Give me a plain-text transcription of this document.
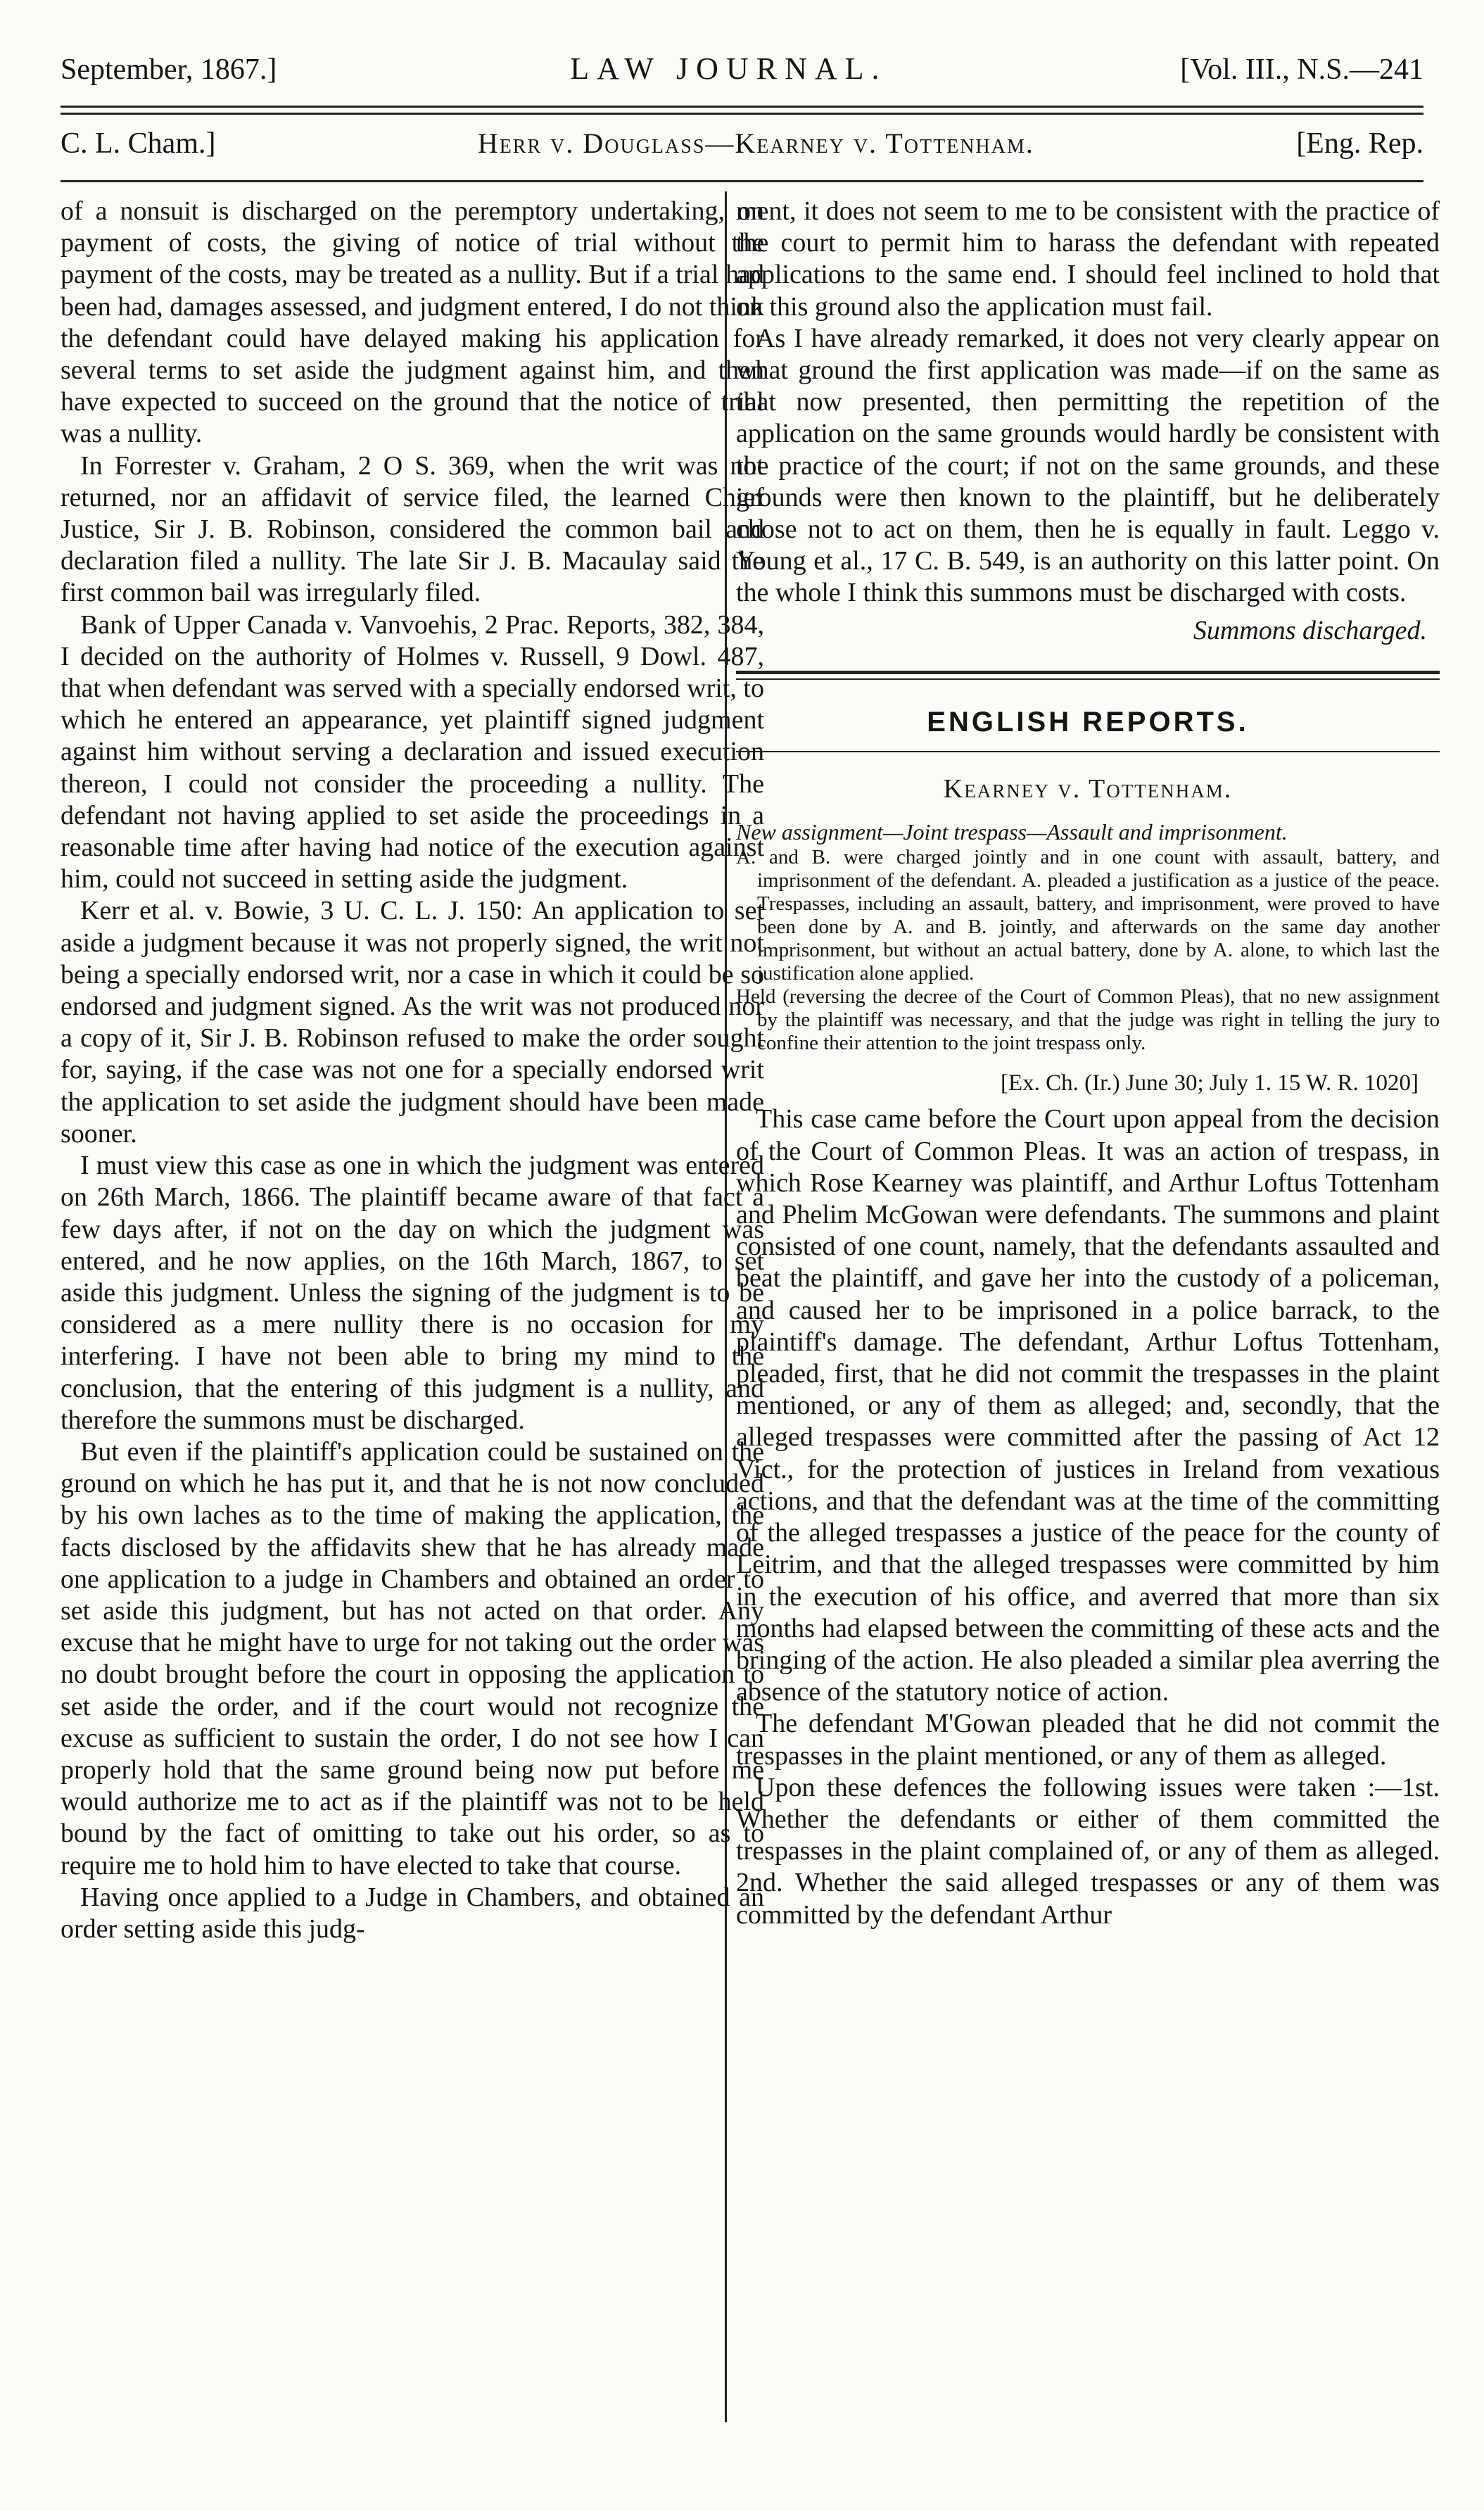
September, 1867.]	LAW JOURNAL.	[Vol. III., N.S.—241
C. L. Cham.]	Herr v. Douglass—Kearney v. Tottenham.	[Eng. Rep.

of a nonsuit is discharged on the peremptory undertaking, on payment of costs, the giving of notice of trial without the payment of the costs, may be treated as a nullity. But if a trial had been had, damages assessed, and judgment entered, I do not think the defendant could have delayed making his application for several terms to set aside the judgment against him, and then have expected to succeed on the ground that the notice of trial was a nullity.

In Forrester v. Graham, 2 O S. 369, when the writ was not returned, nor an affidavit of service filed, the learned Chief Justice, Sir J. B. Robinson, considered the common bail and declaration filed a nullity. The late Sir J. B. Macaulay said the first common bail was irregularly filed.

Bank of Upper Canada v. Vanvoehis, 2 Prac. Reports, 382, 384, I decided on the authority of Holmes v. Russell, 9 Dowl. 487, that when defendant was served with a specially endorsed writ, to which he entered an appearance, yet plaintiff signed judgment against him without serving a declaration and issued execution thereon, I could not consider the proceeding a nullity. The defendant not having applied to set aside the proceedings in a reasonable time after having had notice of the execution against him, could not succeed in setting aside the judgment.

Kerr et al. v. Bowie, 3 U. C. L. J. 150: An application to set aside a judgment because it was not properly signed, the writ not being a specially endorsed writ, nor a case in which it could be so endorsed and judgment signed. As the writ was not produced nor a copy of it, Sir J. B. Robinson refused to make the order sought for, saying, if the case was not one for a specially endorsed writ the application to set aside the judgment should have been made sooner.

I must view this case as one in which the judgment was entered on 26th March, 1866. The plaintiff became aware of that fact a few days after, if not on the day on which the judgment was entered, and he now applies, on the 16th March, 1867, to set aside this judgment. Unless the signing of the judgment is to be considered as a mere nullity there is no occasion for my interfering. I have not been able to bring my mind to the conclusion, that the entering of this judgment is a nullity, and therefore the summons must be discharged.

But even if the plaintiff's application could be sustained on the ground on which he has put it, and that he is not now concluded by his own laches as to the time of making the application, the facts disclosed by the affidavits shew that he has already made one application to a judge in Chambers and obtained an order to set aside this judgment, but has not acted on that order. Any excuse that he might have to urge for not taking out the order was no doubt brought before the court in opposing the application to set aside the order, and if the court would not recognize the excuse as sufficient to sustain the order, I do not see how I can properly hold that the same ground being now put before me would authorize me to act as if the plaintiff was not to be held bound by the fact of omitting to take out his order, so as to require me to hold him to have elected to take that course.

Having once applied to a Judge in Chambers, and obtained an order setting aside this judg-

ment, it does not seem to me to be consistent with the practice of the court to permit him to harass the defendant with repeated applications to the same end. I should feel inclined to hold that on this ground also the application must fail.

As I have already remarked, it does not very clearly appear on what ground the first application was made—if on the same as that now presented, then permitting the repetition of the application on the same grounds would hardly be consistent with the practice of the court; if not on the same grounds, and these grounds were then known to the plaintiff, but he deliberately chose not to act on them, then he is equally in fault. Leggo v. Young et al., 17 C. B. 549, is an authority on this latter point. On the whole I think this summons must be discharged with costs.

Summons discharged.
ENGLISH REPORTS.
Kearney v. Tottenham.

New assignment—Joint trespass—Assault and imprisonment.

A. and B. were charged jointly and in one count with assault, battery, and imprisonment of the defendant. A. pleaded a justification as a justice of the peace. Trespasses, including an assault, battery, and imprisonment, were proved to have been done by A. and B. jointly, and afterwards on the same day another imprisonment, but without an actual battery, done by A. alone, to which last the justification alone applied.

Held (reversing the decree of the Court of Common Pleas), that no new assignment by the plaintiff was necessary, and that the judge was right in telling the jury to confine their attention to the joint trespass only.

[Ex. Ch. (Ir.) June 30; July 1. 15 W. R. 1020]

This case came before the Court upon appeal from the decision of the Court of Common Pleas. It was an action of trespass, in which Rose Kearney was plaintiff, and Arthur Loftus Tottenham and Phelim McGowan were defendants. The summons and plaint consisted of one count, namely, that the defendants assaulted and beat the plaintiff, and gave her into the custody of a policeman, and caused her to be imprisoned in a police barrack, to the plaintiff's damage. The defendant, Arthur Loftus Tottenham, pleaded, first, that he did not commit the trespasses in the plaint mentioned, or any of them as alleged; and, secondly, that the alleged trespasses were committed after the passing of Act 12 Vict., for the protection of justices in Ireland from vexatious actions, and that the defendant was at the time of the committing of the alleged trespasses a justice of the peace for the county of Leitrim, and that the alleged trespasses were committed by him in the execution of his office, and averred that more than six months had elapsed between the committing of these acts and the bringing of the action. He also pleaded a similar plea averring the absence of the statutory notice of action.

The defendant M'Gowan pleaded that he did not commit the trespasses in the plaint mentioned, or any of them as alleged.

Upon these defences the following issues were taken :—1st. Whether the defendants or either of them committed the trespasses in the plaint complained of, or any of them as alleged. 2nd. Whether the said alleged trespasses or any of them was committed by the defendant Arthur
